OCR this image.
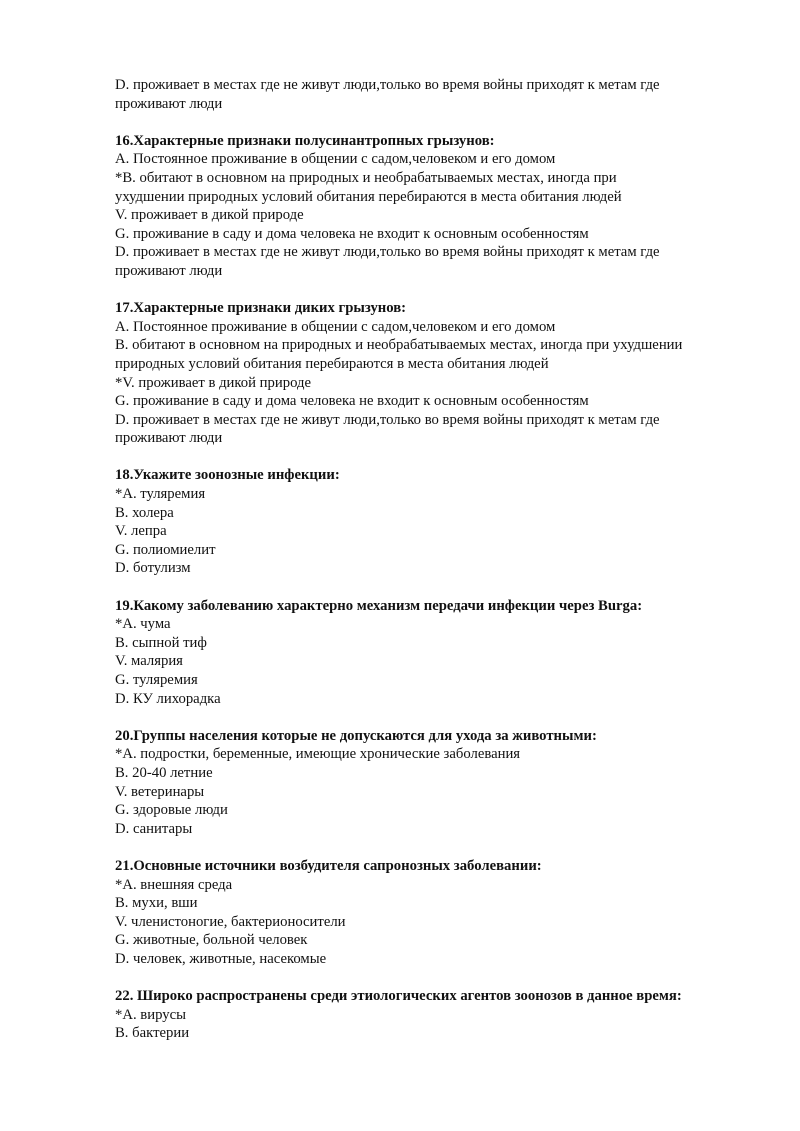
D. проживает в местах где не живут люди,только во время войны приходят к метам где
проживают люди
16.Характерные признаки полусинантропных грызунов:
A. Постоянное проживание в общении с садом,человеком и его домом
*B. обитают в основном на природных и необрабатываемых местах, иногда при
ухудшении природных условий обитания перебираются в места обитания людей
V. проживает в дикой природе
G. проживание в саду и дома человека не входит к основным особенностям
D. проживает в местах где не живут люди,только во время войны приходят к метам где
проживают люди
17.Характерные признаки диких грызунов:
A. Постоянное проживание в общении с садом,человеком и его домом
B. обитают в основном на природных и необрабатываемых местах, иногда при ухудшении
природных условий обитания перебираются в места обитания людей
*V. проживает в дикой природе
G. проживание в саду и дома человека не входит к основным особенностям
D. проживает в местах где не живут люди,только во время войны приходят к метам где
проживают люди
18.Укажите зоонозные инфекции:
*A. туляремия
B. холера
V. лепра
G. полиомиелит
D. ботулизм
19.Какому заболеванию характерно механизм передачи инфекции через Burga:
*A. чума
B. сыпной тиф
V. малярия
G. туляремия
D. КУ лихорадка
20.Группы населения которые не допускаются для ухода за животными:
*A. подростки, беременные, имеющие хронические заболевания
B. 20-40 летние
V. ветеринары
G. здоровые люди
D. санитары
21.Основные источники возбудителя сапронозных заболевании:
*A. внешняя среда
B. мухи, вши
V. членистоногие, бактерионосители
G. животные, больной человек
D. человек, животные, насекомые
22. Широко распространены среди этиологических агентов зоонозов в данное время:
*A. вирусы
B. бактерии
